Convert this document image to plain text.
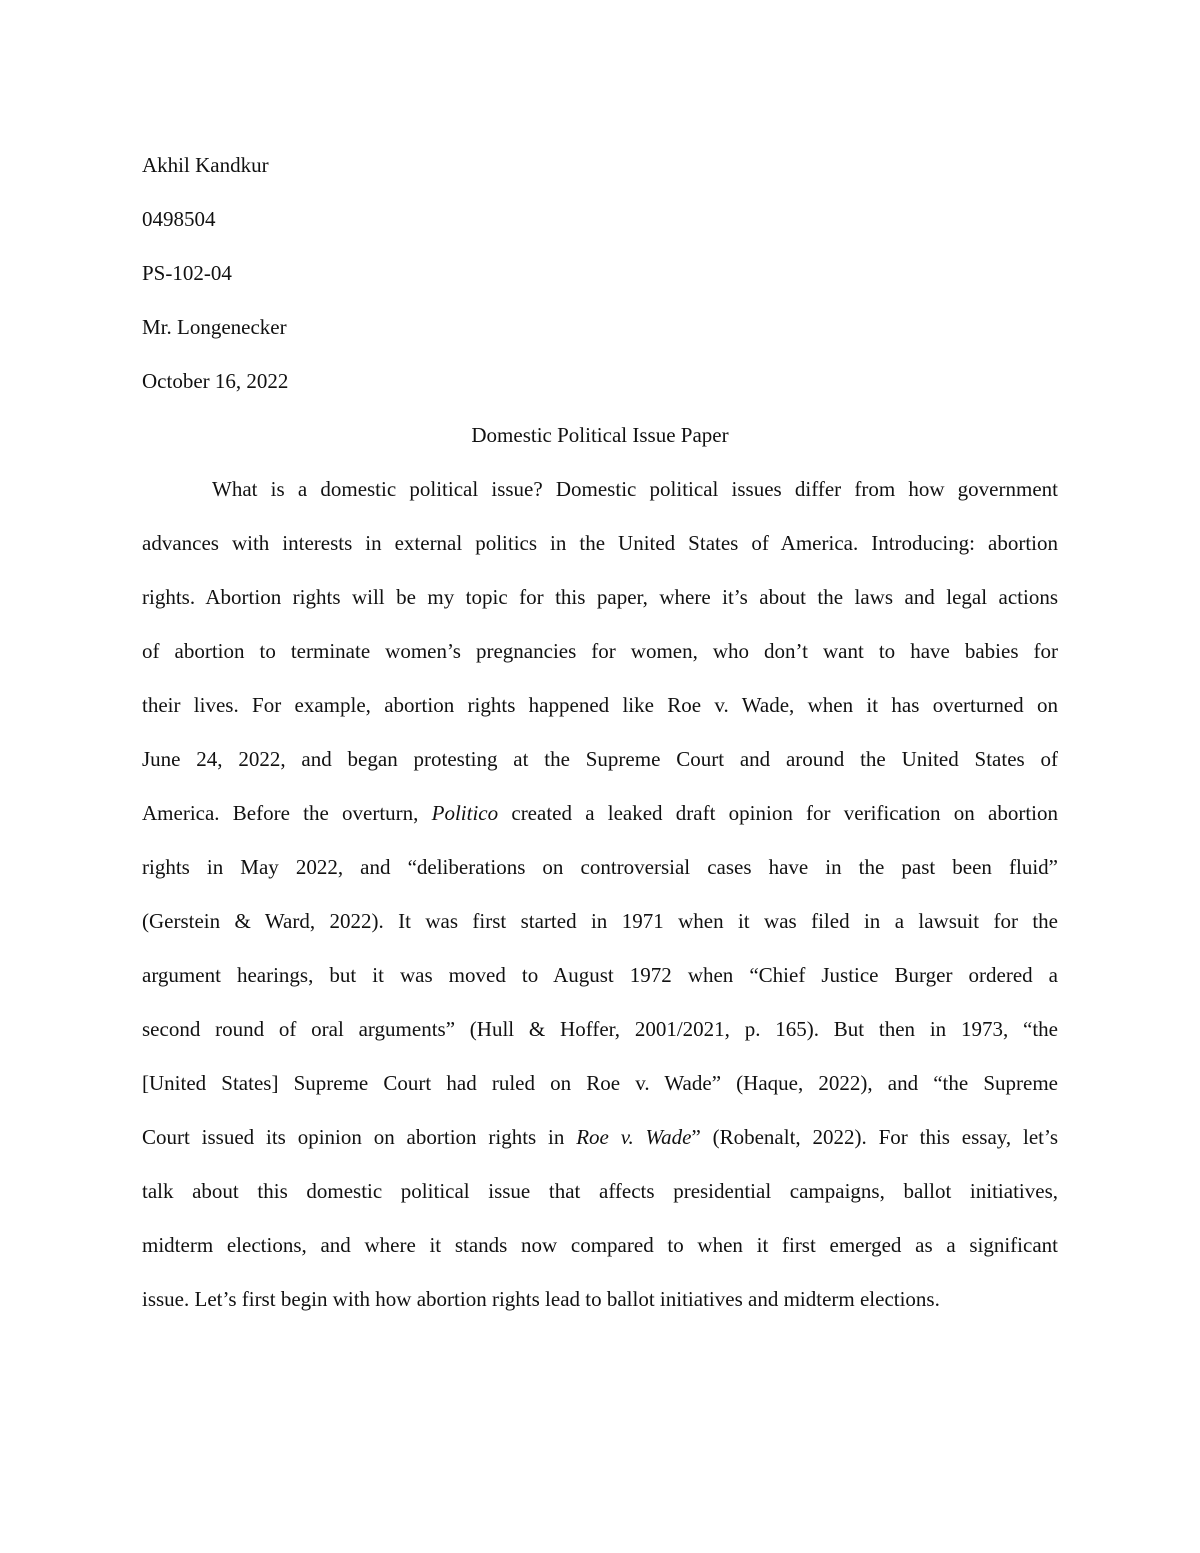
Akhil Kandkur
0498504
PS-102-04
Mr. Longenecker
October 16, 2022
Domestic Political Issue Paper
What is a domestic political issue? Domestic political issues differ from how government
advances with interests in external politics in the United States of America. Introducing: abortion
rights. Abortion rights will be my topic for this paper, where it’s about the laws and legal actions
of abortion to terminate women’s pregnancies for women, who don’t want to have babies for
their lives. For example, abortion rights happened like Roe v. Wade, when it has overturned on
June 24, 2022, and began protesting at the Supreme Court and around the United States of
America. Before the overturn, Politico created a leaked draft opinion for verification on abortion
rights in May 2022, and “deliberations on controversial cases have in the past been fluid”
(Gerstein & Ward, 2022). It was first started in 1971 when it was filed in a lawsuit for the
argument hearings, but it was moved to August 1972 when “Chief Justice Burger ordered a
second round of oral arguments” (Hull & Hoffer, 2001/2021, p. 165). But then in 1973, “the
[United States] Supreme Court had ruled on Roe v. Wade” (Haque, 2022), and “the Supreme
Court issued its opinion on abortion rights in Roe v. Wade” (Robenalt, 2022). For this essay, let’s
talk about this domestic political issue that affects presidential campaigns, ballot initiatives,
midterm elections, and where it stands now compared to when it first emerged as a significant
issue. Let’s first begin with how abortion rights lead to ballot initiatives and midterm elections.
